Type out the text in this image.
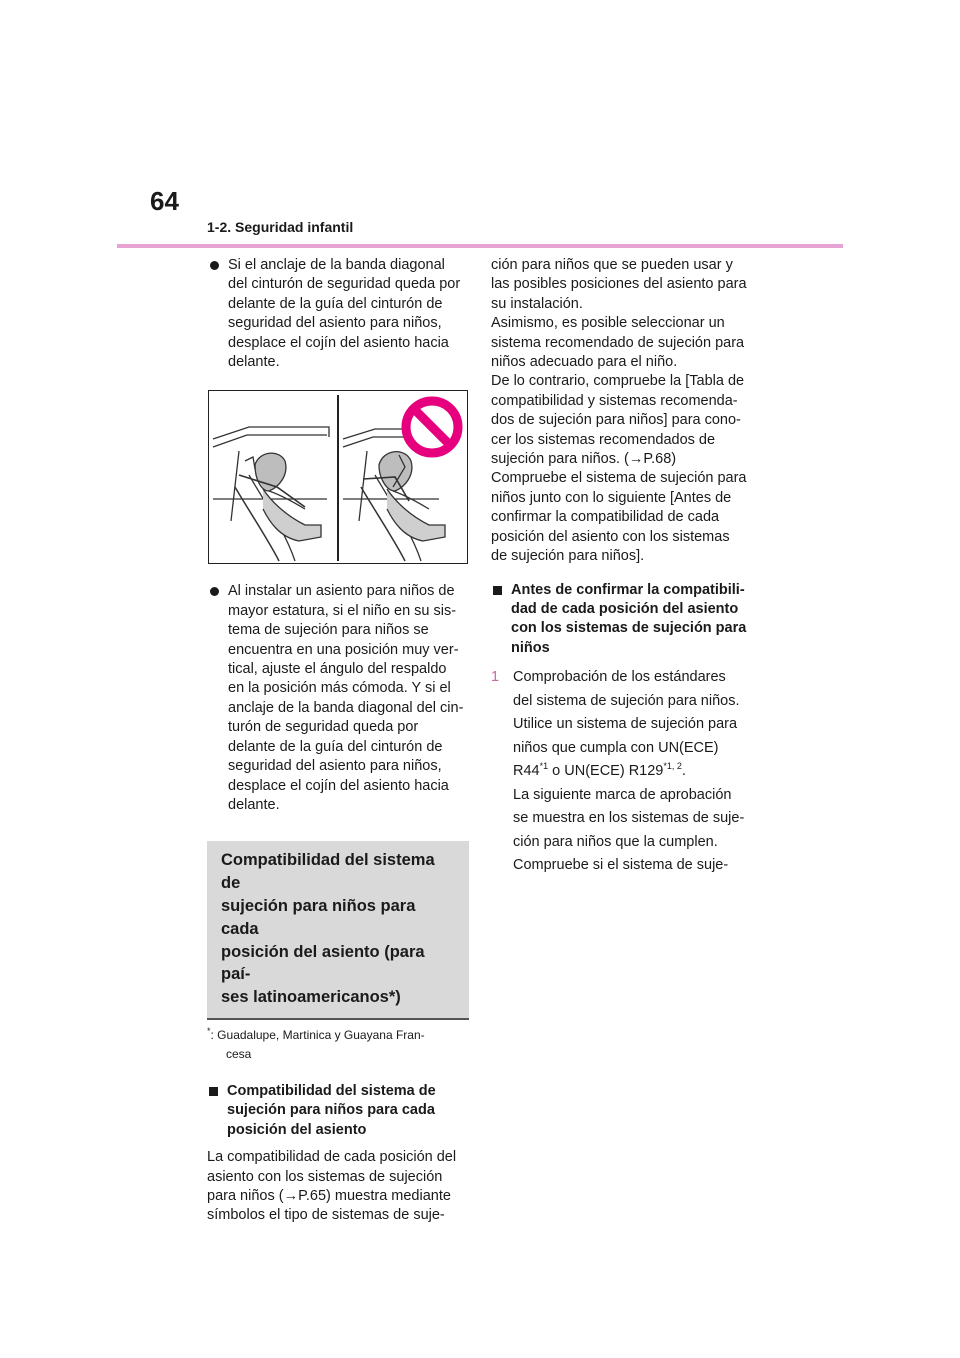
64
1-2. Seguridad infantil
Si el anclaje de la banda diagonal
del cinturón de seguridad queda por
delante de la guía del cinturón de
seguridad del asiento para niños,
desplace el cojín del asiento hacia
delante.
Al instalar un asiento para niños de
mayor estatura, si el niño en su sis-
tema de sujeción para niños se
encuentra en una posición muy ver-
tical, ajuste el ángulo del respaldo
en la posición más cómoda. Y si el
anclaje de la banda diagonal del cin-
turón de seguridad queda por
delante de la guía del cinturón de
seguridad del asiento para niños,
desplace el cojín del asiento hacia
delante.
Compatibilidad del sistema de
sujeción para niños para cada
posición del asiento (para paí-
ses latinoamericanos*)
*: Guadalupe, Martinica y Guayana Fran-
cesa
Compatibilidad del sistema de
sujeción para niños para cada
posición del asiento
La compatibilidad de cada posición del
asiento con los sistemas de sujeción
para niños (→P.65) muestra mediante
símbolos el tipo de sistemas de suje-
ción para niños que se pueden usar y
las posibles posiciones del asiento para
su instalación.
Asimismo, es posible seleccionar un
sistema recomendado de sujeción para
niños adecuado para el niño.
De lo contrario, compruebe la [Tabla de
compatibilidad y sistemas recomenda-
dos de sujeción para niños] para cono-
cer los sistemas recomendados de
sujeción para niños. (→P.68)
Compruebe el sistema de sujeción para
niños junto con lo siguiente [Antes de
confirmar la compatibilidad de cada
posición del asiento con los sistemas
de sujeción para niños].
Antes de confirmar la compatibili-
dad de cada posición del asiento
con los sistemas de sujeción para
niños
1 Comprobación de los estándares
del sistema de sujeción para niños.
Utilice un sistema de sujeción para
niños que cumpla con UN(ECE)
R44$^{*1}$ o UN(ECE) R129$^{*1, 2}$.
La siguiente marca de aprobación
se muestra en los sistemas de suje-
ción para niños que la cumplen.
Compruebe si el sistema de suje-
